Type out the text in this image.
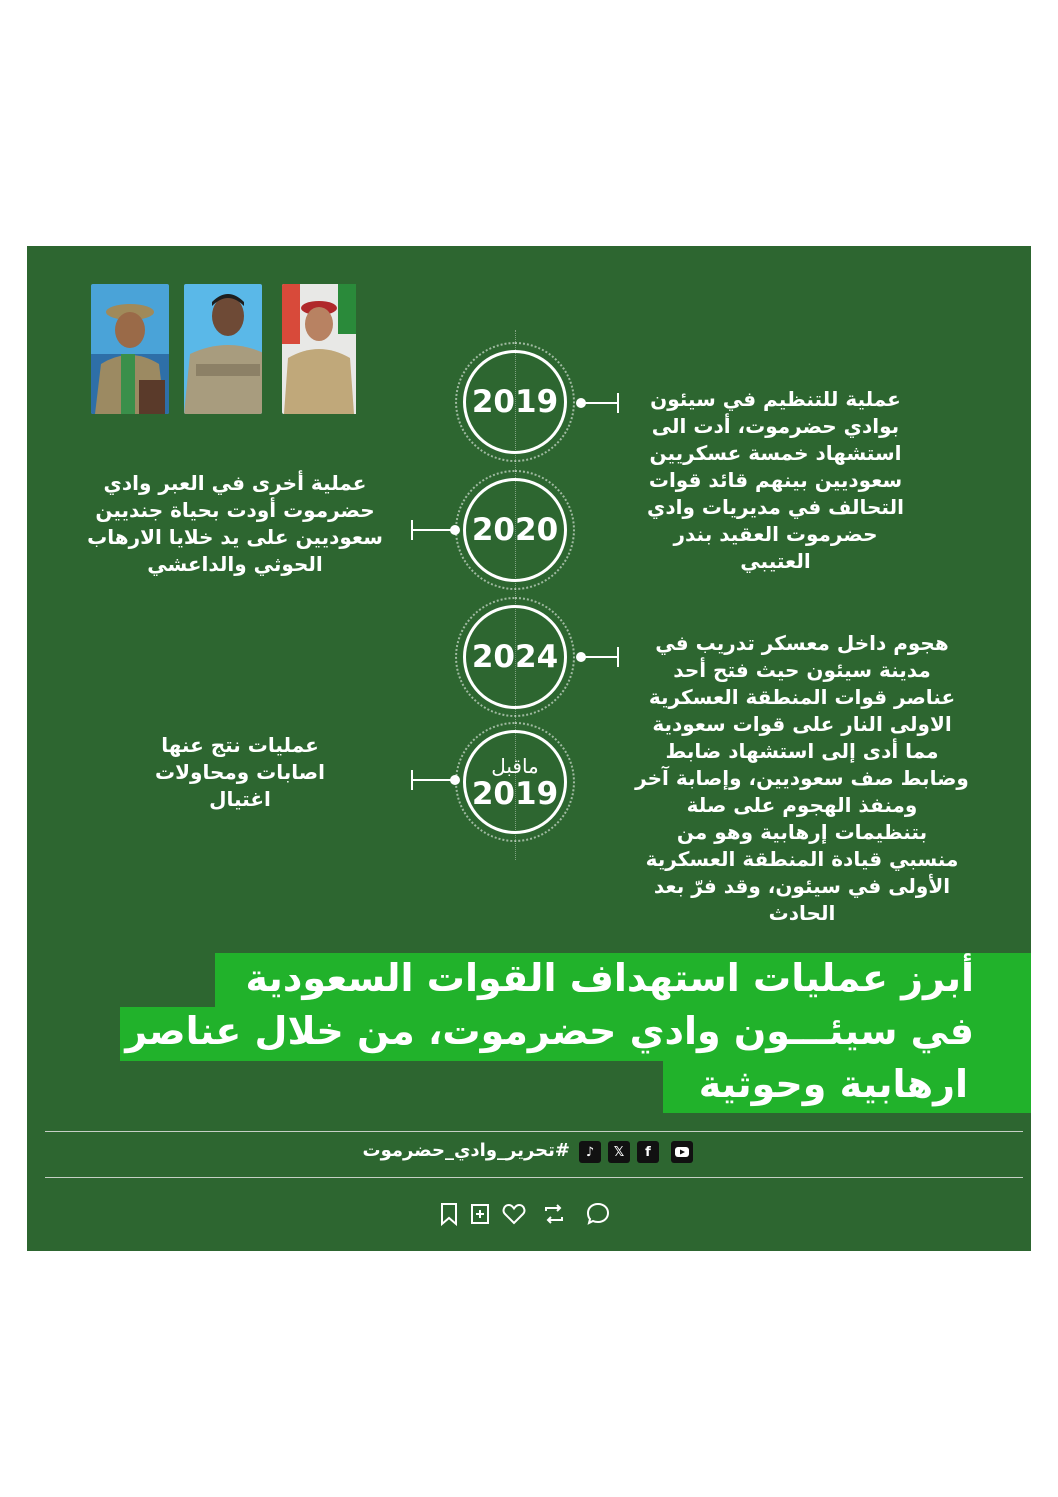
2019	عملية للتنظيم في سيئون
بوادي حضرموت، أدت الى
استشهاد خمسة عسكريين
سعوديين بينهم قائد قوات
التحالف في مديريات وادي
حضرموت العقيد بندر
العتيبي
2020
عملية أخرى في العبر وادي
حضرموت أودت بحياة جنديين
سعوديين على يد خلايا الارهاب
الحوثي والداعشي
2024	هجوم داخل معسكر تدريب في
مدينة سيئون حيث فتح أحد
عناصر قوات المنطقة العسكرية
الاولى النار على قوات سعودية
مما أدى إلى استشهاد ضابط
وضابط صف سعوديين، وإصابة آخر
ومنفذ الهجوم على صلة
بتنظيمات إرهابية وهو من
منسبي قيادة المنطقة العسكرية
الأولى في سيئون، وقد فرّ بعد
الحادث
ماقبل
2019
عمليات نتج عنها
اصابات ومحاولات
اغتيال
أبرز عمليات استهداف القوات السعودية
في سيئـــون وادي حضرموت، من خلال عناصر
ارهابية وحوثية
f
𝕏
♪
#تحرير_وادي_حضرموت
